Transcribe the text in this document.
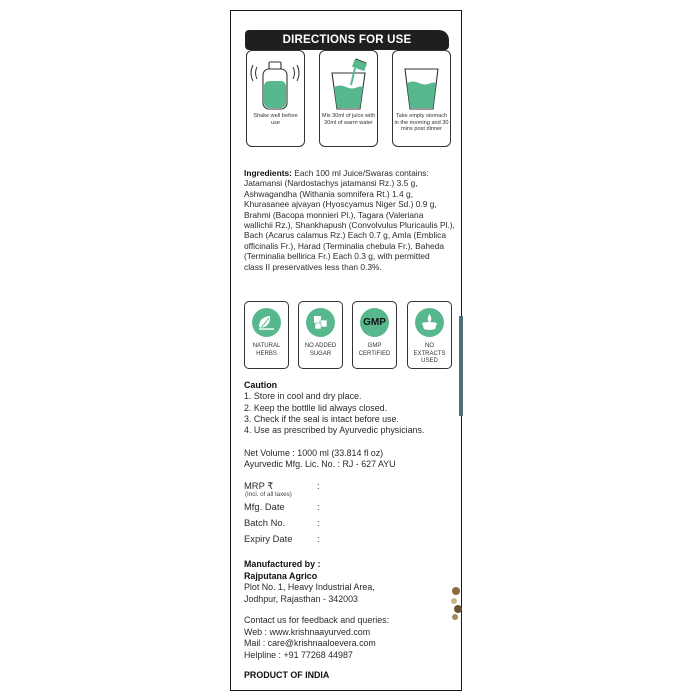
DIRECTIONS FOR USE
Shake well before use
Mix 30ml of juice with 30ml of warm water
Take empty stomach in the morning and 30 mins post dinner
Ingredients: Each 100 ml Juice/Swaras contains:
Jatamansi (Nardostachys jatamansi Rz.) 3.5 g,
Ashwagandha (Withania somnifera Rt.) 1.4 g,
Khurasanee ajvayan (Hyoscyamus Niger Sd.) 0.9 g,
Brahmi (Bacopa monnieri Pl.), Tagara (Valeriana
wallichii Rz.), Shankhapush (Convolvulus Pluricaulis Pl.),
Bach (Acarus calamus Rz.) Each 0.7 g, Amla (Emblica
officinalis Fr.), Harad (Terminalia chebula Fr.), Baheda
(Terminalia bellirica Fr.) Each 0.3 g, with permitted
class II preservatives less than 0.3%.
NATURAL
HERBS
NO ADDED
SUGAR
GMP
GMP
CERTIFIED
NO
EXTRACTS
USED
Caution
1. Store in cool and dry place.
2. Keep the bottlle lid always closed.
3. Check if the seal is intact before use.
4. Use as prescribed by Ayurvedic physicians.
Net Volume : 1000 ml (33.814 fl oz)
Ayurvedic Mfg. Lic. No. : RJ - 627 AYU
MRP ₹	:
(Incl. of all taxes)
Mfg. Date	:
Batch No.	:
Expiry Date	:
Manufactured by :
Rajputana Agrico
Plot No. 1, Heavy Industrial Area,
Jodhpur, Rajasthan - 342003
Contact us for feedback and queries:
Web : www.krishnaayurved.com
Mail : care@krishnaaloevera.com
Helpline : +91 77268 44987
PRODUCT OF INDIA
